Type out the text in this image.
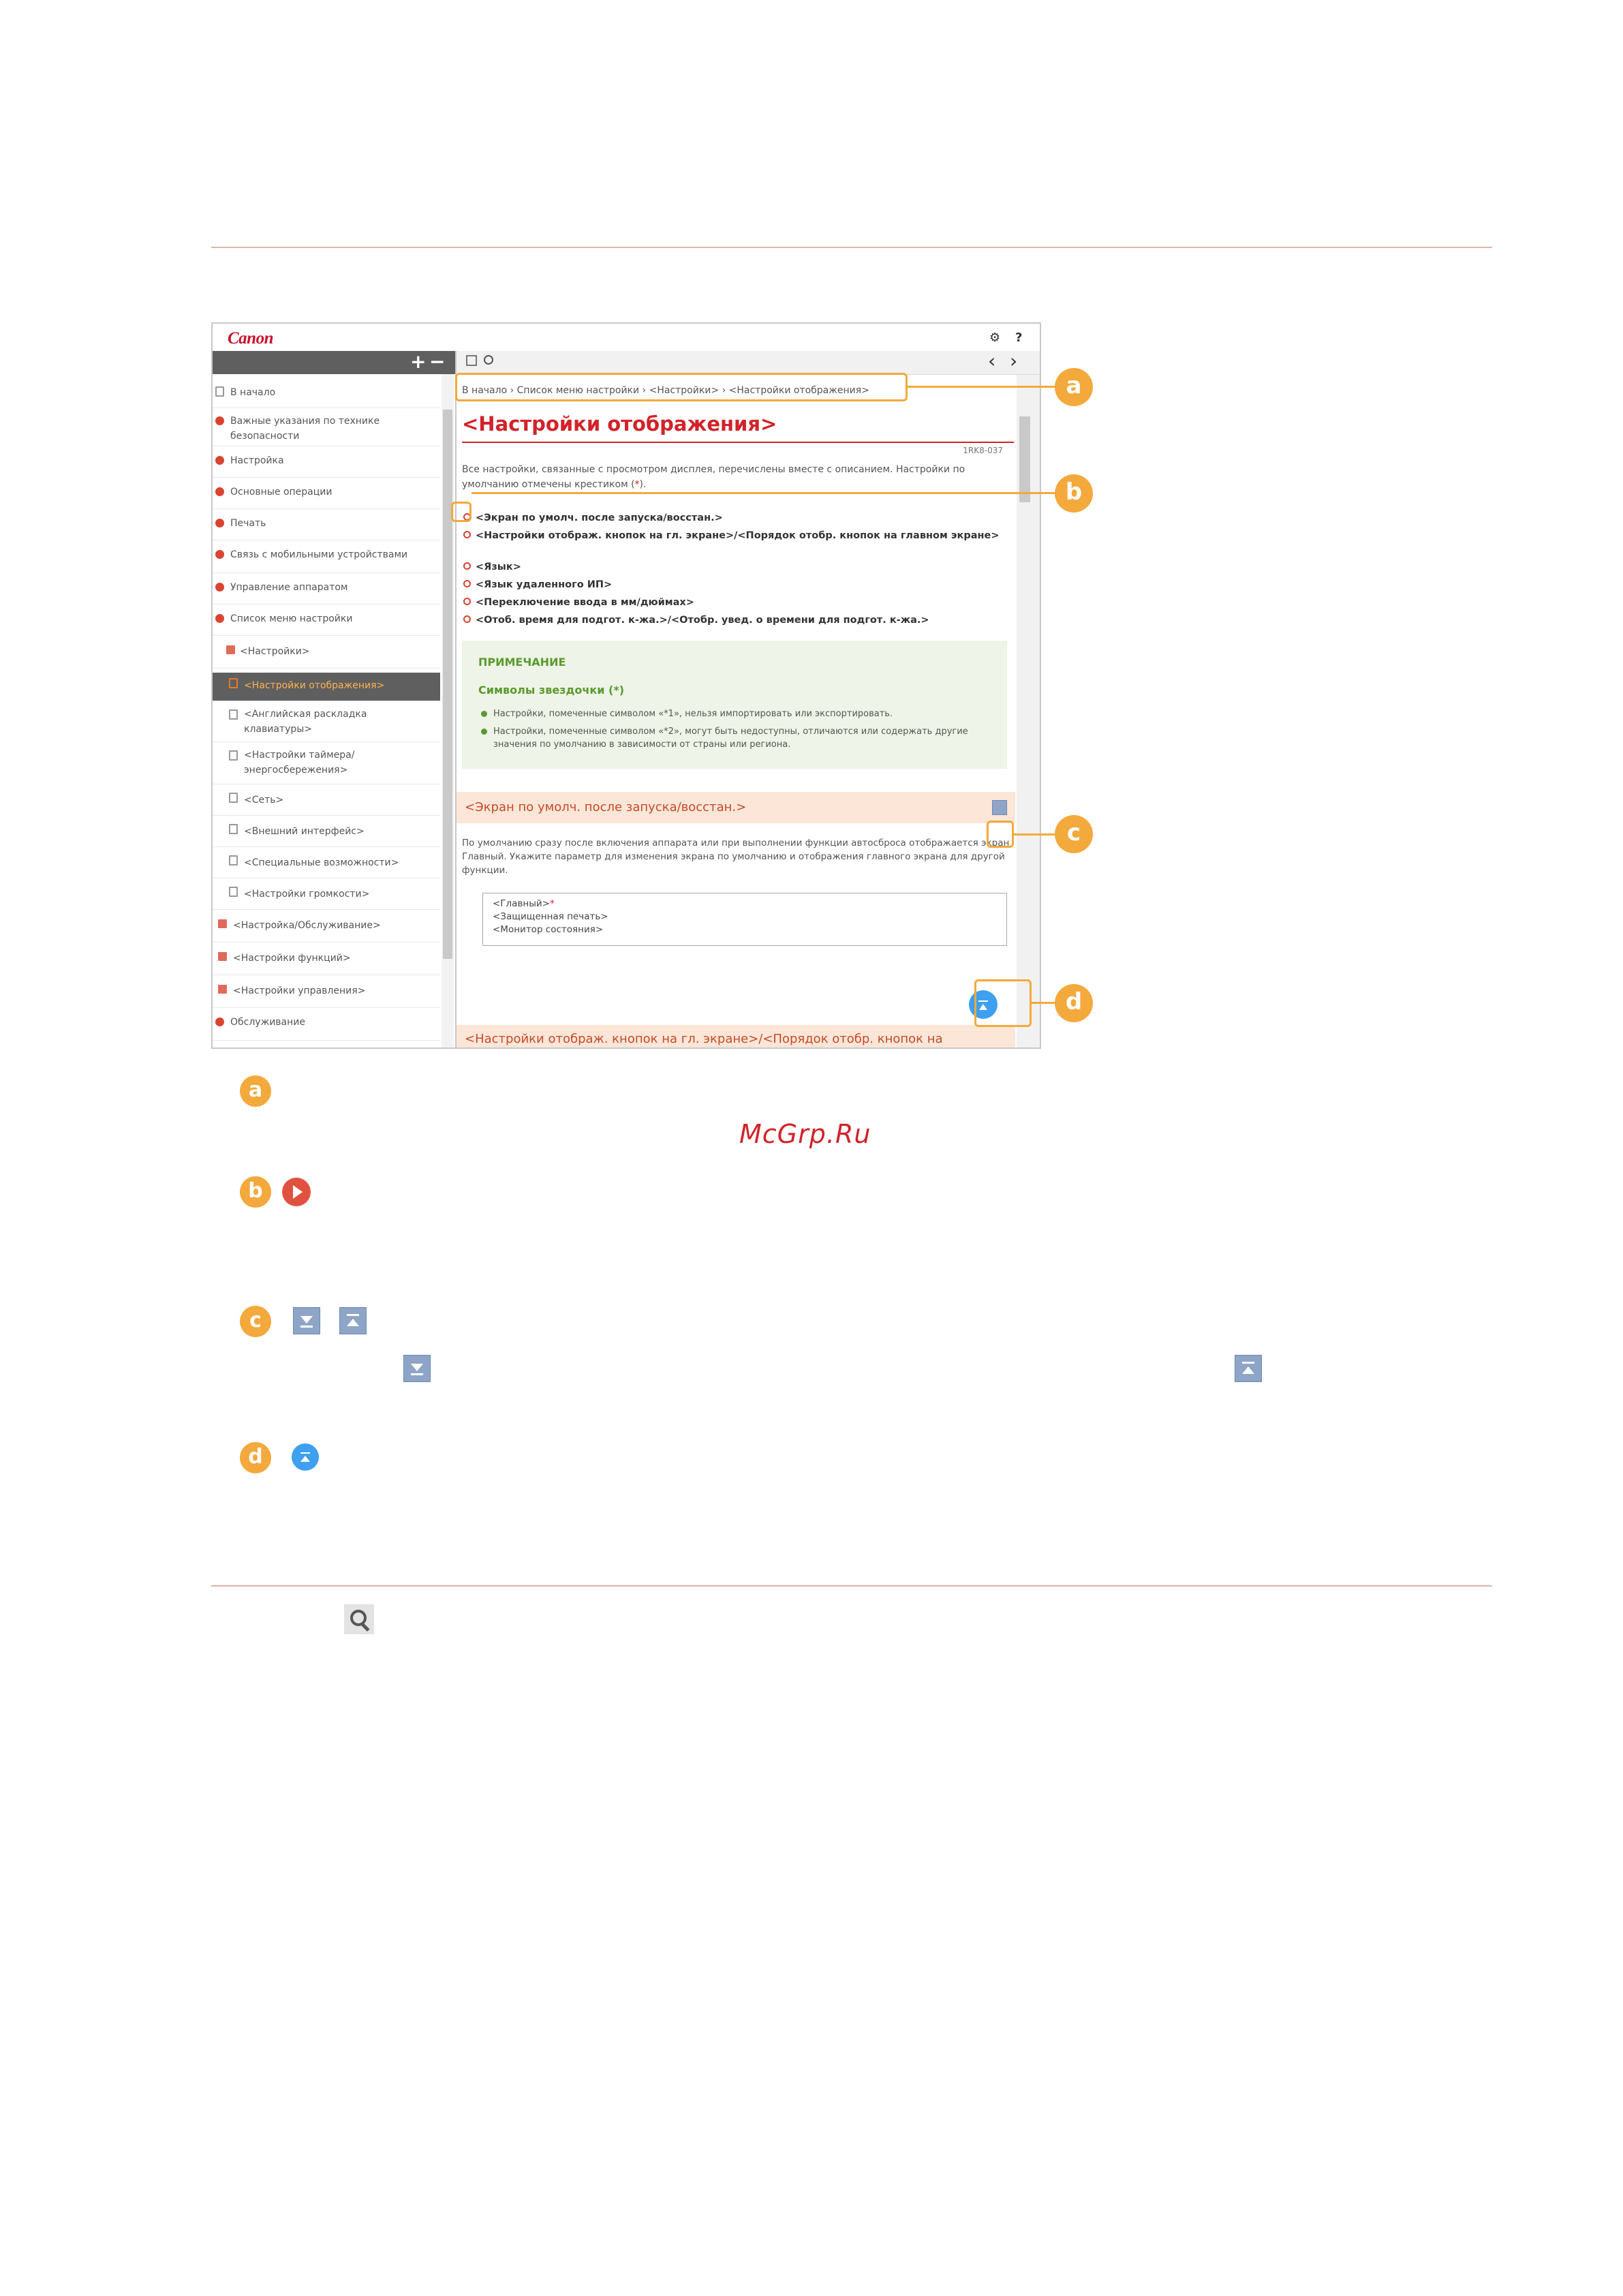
Canon	⚙ ?
+ −
В начало
Важные указания по технике безопасности
Настройка
Основные операции
Печать
Связь с мобильными устройствами
Управление аппаратом
Список меню настройки
<Настройки>
<Настройки отображения>
<Английская раскладка клавиатуры>
<Настройки таймера/энергосбережения>
<Сеть>
<Внешний интерфейс>
<Специальные возможности>
<Настройки громкости>
<Настройка/Обслуживание>
<Настройки функций>
<Настройки управления>
Обслуживание
‹ ›
В начало › Список меню настройки › <Настройки> › <Настройки отображения>
<Настройки отображения>
1RK8-037
Все настройки, связанные с просмотром дисплея, перечислены вместе с описанием. Настройки по умолчанию отмечены крестиком (*).
<Экран по умолч. после запуска/восстан.>
<Настройки отображ. кнопок на гл. экране>/<Порядок отобр. кнопок на главном экране>
<Язык>
<Язык удаленного ИП>
<Переключение ввода в мм/дюймах>
<Отоб. время для подгот. к-жа.>/<Отобр. увед. о времени для подгот. к-жа.>
ПРИМЕЧАНИЕ
Символы звездочки (*)
Настройки, помеченные символом «*1», нельзя импортировать или экспортировать.
Настройки, помеченные символом «*2», могут быть недоступны, отличаются или содержать другие значения по умолчанию в зависимости от страны или региона.
<Экран по умолч. после запуска/восстан.>
По умолчанию сразу после включения аппарата или при выполнении функции автосброса отображается экран Главный. Укажите параметр для изменения экрана по умолчанию и отображения главного экрана для другой функции.
<Главный>*
<Защищенная печать>
<Монитор состояния>
<Настройки отображ. кнопок на гл. экране>/<Порядок отобр. кнопок на
a
b
c
d
a
McGrp.Ru
b
c
d
